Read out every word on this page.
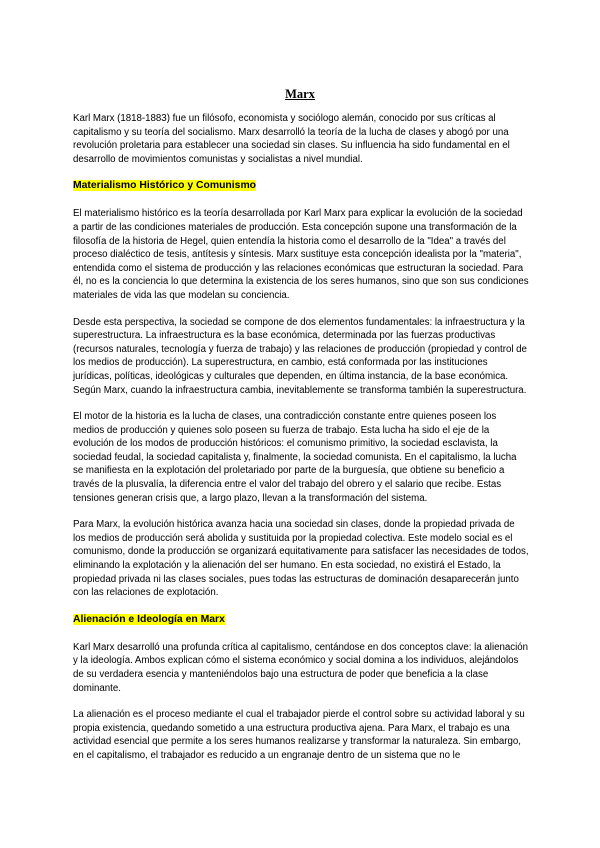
Marx

Karl Marx (1818-1883) fue un filósofo, economista y sociólogo alemán, conocido por sus críticas al capitalismo y su teoría del socialismo. Marx desarrolló la teoría de la lucha de clases y abogó por una revolución proletaria para establecer una sociedad sin clases. Su influencia ha sido fundamental en el desarrollo de movimientos comunistas y socialistas a nivel mundial.

Materialismo Histórico y Comunismo

El materialismo histórico es la teoría desarrollada por Karl Marx para explicar la evolución de la sociedad a partir de las condiciones materiales de producción. Esta concepción supone una transformación de la filosofía de la historia de Hegel, quien entendía la historia como el desarrollo de la "Idea" a través del proceso dialéctico de tesis, antítesis y síntesis. Marx sustituye esta concepción idealista por la "materia", entendida como el sistema de producción y las relaciones económicas que estructuran la sociedad. Para él, no es la conciencia lo que determina la existencia de los seres humanos, sino que son sus condiciones materiales de vida las que modelan su conciencia.

Desde esta perspectiva, la sociedad se compone de dos elementos fundamentales: la infraestructura y la superestructura. La infraestructura es la base económica, determinada por las fuerzas productivas (recursos naturales, tecnología y fuerza de trabajo) y las relaciones de producción (propiedad y control de los medios de producción). La superestructura, en cambio, está conformada por las instituciones jurídicas, políticas, ideológicas y culturales que dependen, en última instancia, de la base económica. Según Marx, cuando la infraestructura cambia, inevitablemente se transforma también la superestructura.

El motor de la historia es la lucha de clases, una contradicción constante entre quienes poseen los medios de producción y quienes solo poseen su fuerza de trabajo. Esta lucha ha sido el eje de la evolución de los modos de producción históricos: el comunismo primitivo, la sociedad esclavista, la sociedad feudal, la sociedad capitalista y, finalmente, la sociedad comunista. En el capitalismo, la lucha se manifiesta en la explotación del proletariado por parte de la burguesía, que obtiene su beneficio a través de la plusvalía, la diferencia entre el valor del trabajo del obrero y el salario que recibe. Estas tensiones generan crisis que, a largo plazo, llevan a la transformación del sistema.

Para Marx, la evolución histórica avanza hacia una sociedad sin clases, donde la propiedad privada de los medios de producción será abolida y sustituida por la propiedad colectiva. Este modelo social es el comunismo, donde la producción se organizará equitativamente para satisfacer las necesidades de todos, eliminando la explotación y la alienación del ser humano. En esta sociedad, no existirá el Estado, la propiedad privada ni las clases sociales, pues todas las estructuras de dominación desaparecerán junto con las relaciones de explotación.

Alienación e Ideología en Marx

Karl Marx desarrolló una profunda crítica al capitalismo, centándose en dos conceptos clave: la alienación y la ideología. Ambos explican cómo el sistema económico y social domina a los individuos, alejándolos de su verdadera esencia y manteniéndolos bajo una estructura de poder que beneficia a la clase dominante.

La alienación es el proceso mediante el cual el trabajador pierde el control sobre su actividad laboral y su propia existencia, quedando sometido a una estructura productiva ajena. Para Marx, el trabajo es una actividad esencial que permite a los seres humanos realizarse y transformar la naturaleza. Sin embargo, en el capitalismo, el trabajador es reducido a un engranaje dentro de un sistema que no le
